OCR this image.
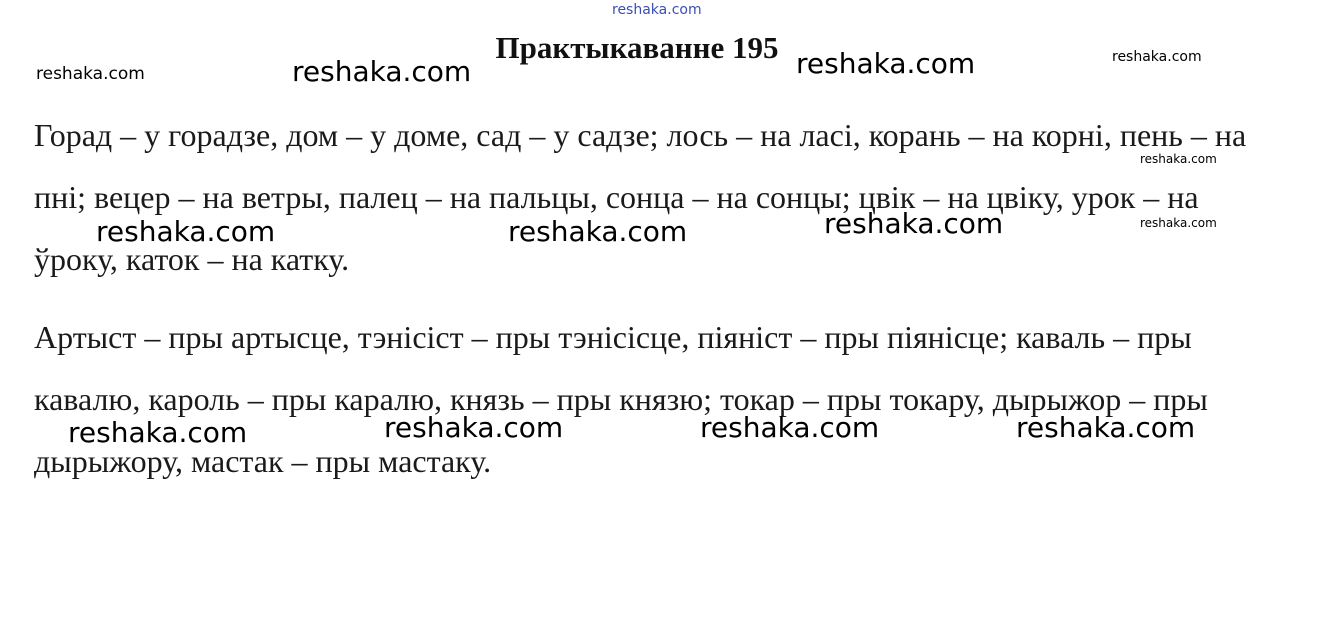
reshaka.com
Практыкаванне 195

Горад – у горадзе, дом – у доме, сад – у садзе; лось – на ласі, корань – на корні, пень – на пні; вецер – на ветры, палец – на пальцы, сонца – на сонцы; цвік – на цвіку, урок – на ўроку, каток – на катку.

Артыст – пры артысце, тэнісіст – пры тэнісісце, піяніст – пры піянісце; каваль – пры кавалю, кароль – пры каралю, князь – пры князю; токар – пры токару, дырыжор – пры дырыжору, мастак – пры мастаку.

reshaka.com	reshaka.com	reshaka.com	reshaka.com
reshaka.com
reshaka.com
reshaka.com	reshaka.com	reshaka.com
reshaka.com	reshaka.com	reshaka.com	reshaka.com
